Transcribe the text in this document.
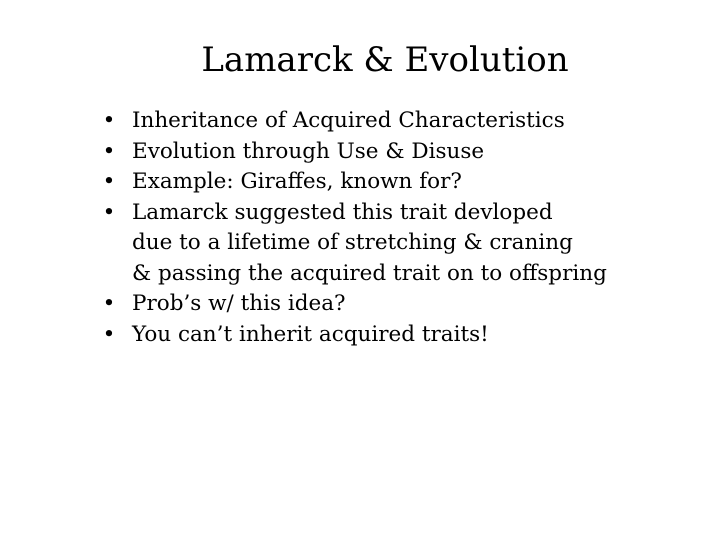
Lamarck & Evolution
• Inheritance of Acquired Characteristics
• Evolution through Use & Disuse
• Example: Giraffes, known for?
• Lamarck suggested this trait devloped
due to a lifetime of stretching & craning
& passing the acquired trait on to offspring
• Prob’s w/ this idea?
• You can’t inherit acquired traits!
